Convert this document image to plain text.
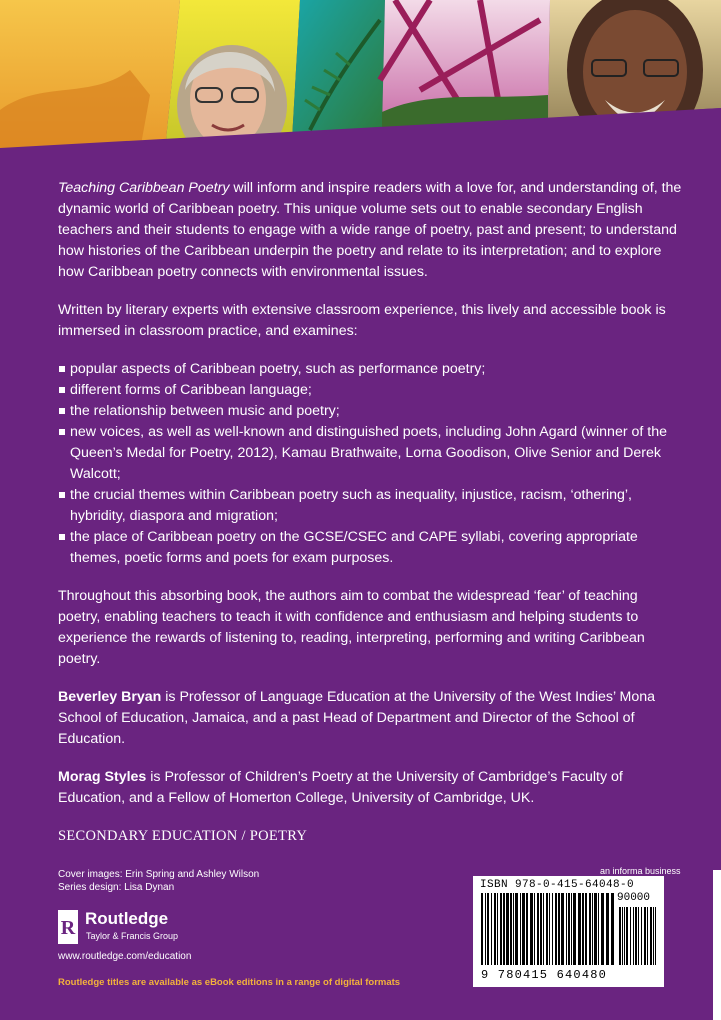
Teaching Caribbean Poetry will inform and inspire readers with a love for, and understanding of, the dynamic world of Caribbean poetry. This unique volume sets out to enable secondary English teachers and their students to engage with a wide range of poetry, past and present; to understand how histories of the Caribbean underpin the poetry and relate to its interpretation; and to explore how Caribbean poetry connects with environmental issues.

Written by literary experts with extensive classroom experience, this lively and accessible book is immersed in classroom practice, and examines:

popular aspects of Caribbean poetry, such as performance poetry;
different forms of Caribbean language;
the relationship between music and poetry;
new voices, as well as well-known and distinguished poets, including John Agard (winner of the Queen’s Medal for Poetry, 2012), Kamau Brathwaite, Lorna Goodison, Olive Senior and Derek Walcott;
the crucial themes within Caribbean poetry such as inequality, injustice, racism, ‘othering’, hybridity, diaspora and migration;
the place of Caribbean poetry on the GCSE/CSEC and CAPE syllabi, covering appropriate themes, poetic forms and poets for exam purposes.

Throughout this absorbing book, the authors aim to combat the widespread ‘fear’ of teaching poetry, enabling teachers to teach it with confidence and enthusiasm and helping students to experience the rewards of listening to, reading, interpreting, performing and writing Caribbean poetry.

Beverley Bryan is Professor of Language Education at the University of the West Indies’ Mona School of Education, Jamaica, and a past Head of Department and Director of the School of Education.

Morag Styles is Professor of Children’s Poetry at the University of Cambridge’s Faculty of Education, and a Fellow of Homerton College, University of Cambridge, UK.

SECONDARY EDUCATION / POETRY
Cover images: Erin Spring and Ashley Wilson
Series design: Lisa Dynan
R Routledge
Taylor & Francis Group
www.routledge.com/education
Routledge titles are available as eBook editions in a range of digital formats
an informa business
ISBN 978-0-415-64048-0
90000
9 780415 640480
